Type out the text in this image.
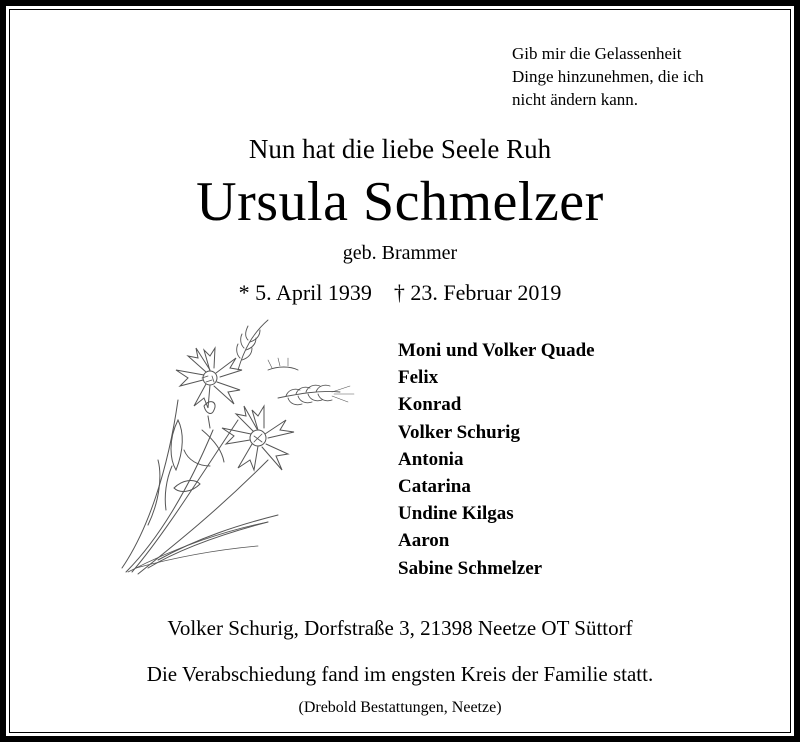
Gib mir die Gelassenheit
Dinge hinzunehmen, die ich
nicht ändern kann.
Nun hat die liebe Seele Ruh
Ursula Schmelzer
geb. Brammer
* 5. April 1939    † 23. Februar 2019
Moni und Volker Quade
Felix
Konrad
Volker Schurig
Antonia
Catarina
Undine Kilgas
Aaron
Sabine Schmelzer
Volker Schurig, Dorfstraße 3, 21398 Neetze OT Süttorf
Die Verabschiedung fand im engsten Kreis der Familie statt.
(Drebold Bestattungen, Neetze)
